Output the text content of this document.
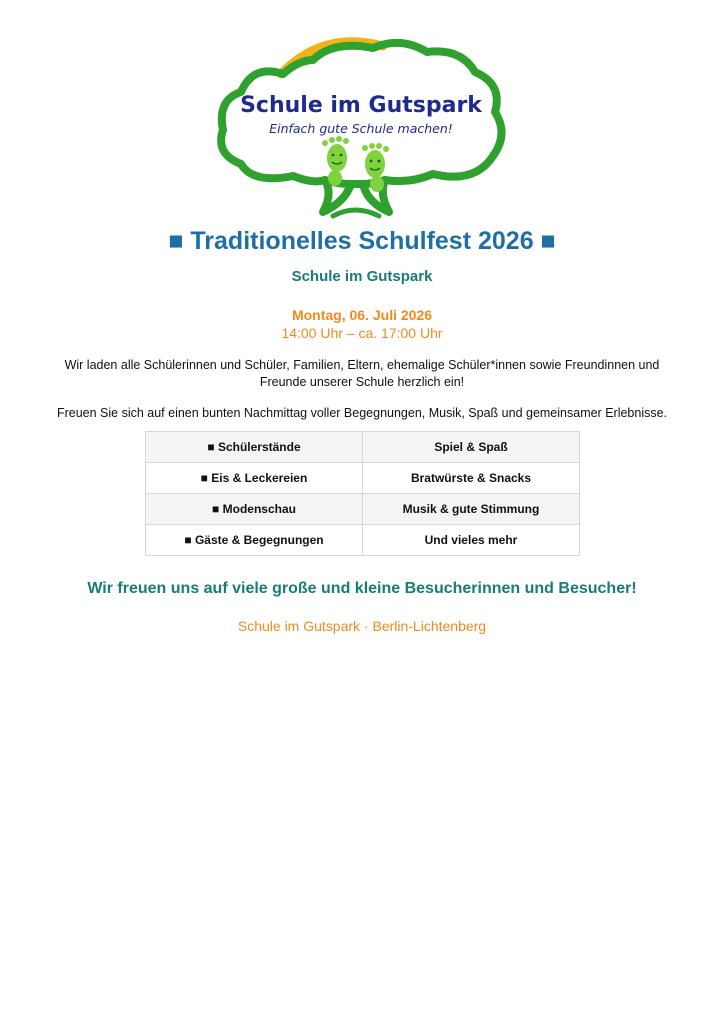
Schule im Gutspark
Einfach gute Schule machen!
■ Traditionelles Schulfest 2026 ■
Schule im Gutspark
Montag, 06. Juli 2026
14:00 Uhr – ca. 17:00 Uhr
Wir laden alle Schülerinnen und Schüler, Familien, Eltern, ehemalige Schüler*innen sowie Freundinnen und Freunde unserer Schule herzlich ein!
Freuen Sie sich auf einen bunten Nachmittag voller Begegnungen, Musik, Spaß und gemeinsamer Erlebnisse.
■ Schülerstände	Spiel & Spaß
■ Eis & Leckereien	Bratwürste & Snacks
■ Modenschau	Musik & gute Stimmung
■ Gäste & Begegnungen	Und vieles mehr
Wir freuen uns auf viele große und kleine Besucherinnen und Besucher!
Schule im Gutspark · Berlin-Lichtenberg
